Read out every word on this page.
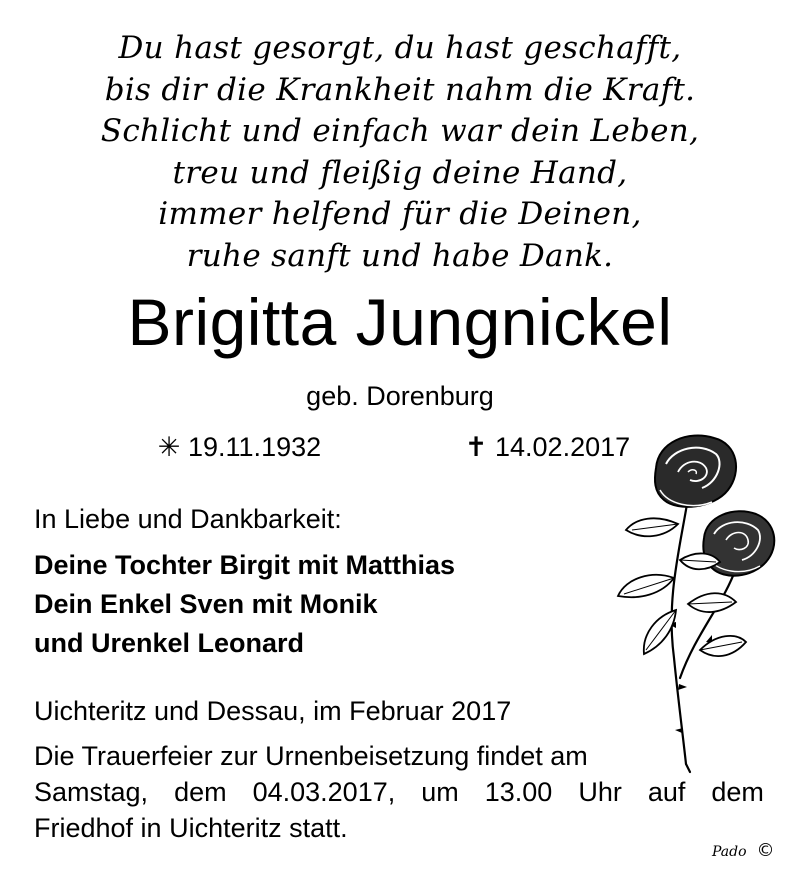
Du hast gesorgt, du hast geschafft,
bis dir die Krankheit nahm die Kraft.
Schlicht und einfach war dein Leben,
treu und fleißig deine Hand,
immer helfend für die Deinen,
ruhe sanft und habe Dank.
Brigitta Jungnickel
geb. Dorenburg
✳ 19.11.1932	✝ 14.02.2017
In Liebe und Dankbarkeit:
Deine Tochter Birgit mit Matthias
Dein Enkel Sven mit Monik
und Urenkel Leonard
Uichteritz und Dessau, im Februar 2017
Die Trauerfeier zur Urnenbeisetzung findet am
Samstag, dem 04.03.2017, um 13.00 Uhr auf dem
Friedhof in Uichteritz statt.
Pado ©
